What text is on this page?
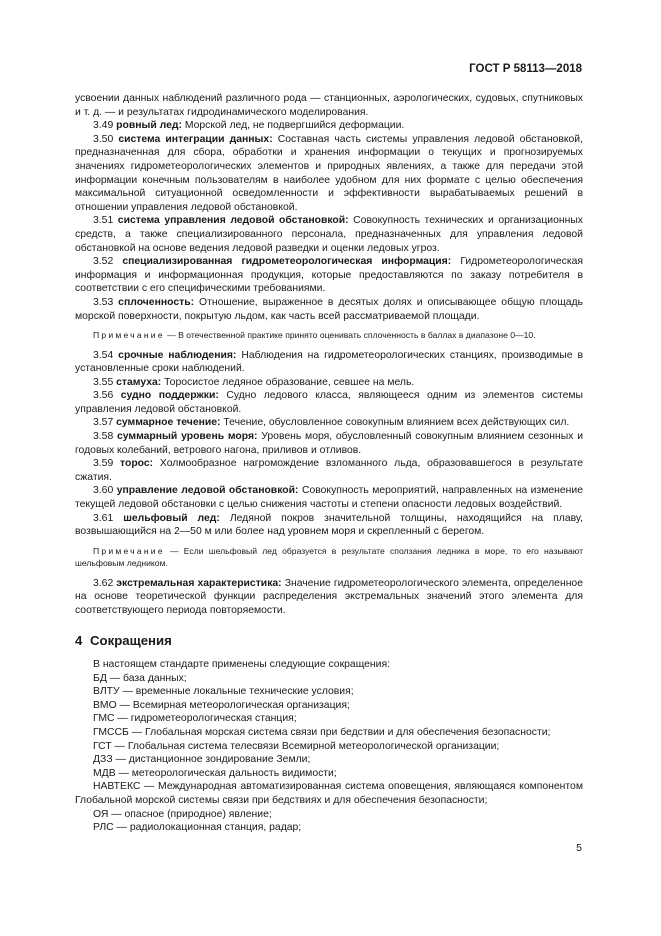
ГОСТ Р 58113—2018

усвоении данных наблюдений различного рода — станционных, аэрологических, судовых, спутниковых и т. д. — и результатах гидродинамического моделирования.

3.49 ровный лед: Морской лед, не подвергшийся деформации.

3.50 система интеграции данных: Составная часть системы управления ледовой обстановкой, предназначенная для сбора, обработки и хранения информации о текущих и прогнозируемых значениях гидрометеорологических элементов и природных явлениях, а также для передачи этой информации конечным пользователям в наиболее удобном для них формате с целью обеспечения максимальной ситуационной осведомленности и эффективности вырабатываемых решений в отношении управления ледовой обстановкой.

3.51 система управления ледовой обстановкой: Совокупность технических и организационных средств, а также специализированного персонала, предназначенных для управления ледовой обстановкой на основе ведения ледовой разведки и оценки ледовых угроз.

3.52 специализированная гидрометеорологическая информация: Гидрометеорологическая информация и информационная продукция, которые предоставляются по заказу потребителя в соответствии с его специфическими требованиями.

3.53 сплоченность: Отношение, выраженное в десятых долях и описывающее общую площадь морской поверхности, покрытую льдом, как часть всей рассматриваемой площади.

Примечание — В отечественной практике принято оценивать сплоченность в баллах в диапазоне 0—10.

3.54 срочные наблюдения: Наблюдения на гидрометеорологических станциях, производимые в установленные сроки наблюдений.

3.55 стамуха: Торосистое ледяное образование, севшее на мель.

3.56 судно поддержки: Судно ледового класса, являющееся одним из элементов системы управления ледовой обстановкой.

3.57 суммарное течение: Течение, обусловленное совокупным влиянием всех действующих сил.

3.58 суммарный уровень моря: Уровень моря, обусловленный совокупным влиянием сезонных и годовых колебаний, ветрового нагона, приливов и отливов.

3.59 торос: Холмообразное нагромождение взломанного льда, образовавшегося в результате сжатия.

3.60 управление ледовой обстановкой: Совокупность мероприятий, направленных на изменение текущей ледовой обстановки с целью снижения частоты и степени опасности ледовых воздействий.

3.61 шельфовый лед: Ледяной покров значительной толщины, находящийся на плаву, возвышающийся на 2—50 м или более над уровнем моря и скрепленный с берегом.

Примечание — Если шельфовый лед образуется в результате сползания ледника в море, то его называют шельфовым ледником.

3.62 экстремальная характеристика: Значение гидрометеорологического элемента, определенное на основе теоретической функции распределения экстремальных значений этого элемента для соответствующего периода повторяемости.

4 Сокращения

В настоящем стандарте применены следующие сокращения:

БД — база данных;

ВЛТУ — временные локальные технические условия;

ВМО — Всемирная метеорологическая организация;

ГМС — гидрометеорологическая станция;

ГМССБ — Глобальная морская система связи при бедствии и для обеспечения безопасности;

ГСТ — Глобальная система телесвязи Всемирной метеорологической организации;

ДЗЗ — дистанционное зондирование Земли;

МДВ — метеорологическая дальность видимости;

НАВТЕКС — Международная автоматизированная система оповещения, являющаяся компонентом Глобальной морской системы связи при бедствиях и для обеспечения безопасности;

ОЯ — опасное (природное) явление;

РЛС — радиолокационная станция, радар;

5
